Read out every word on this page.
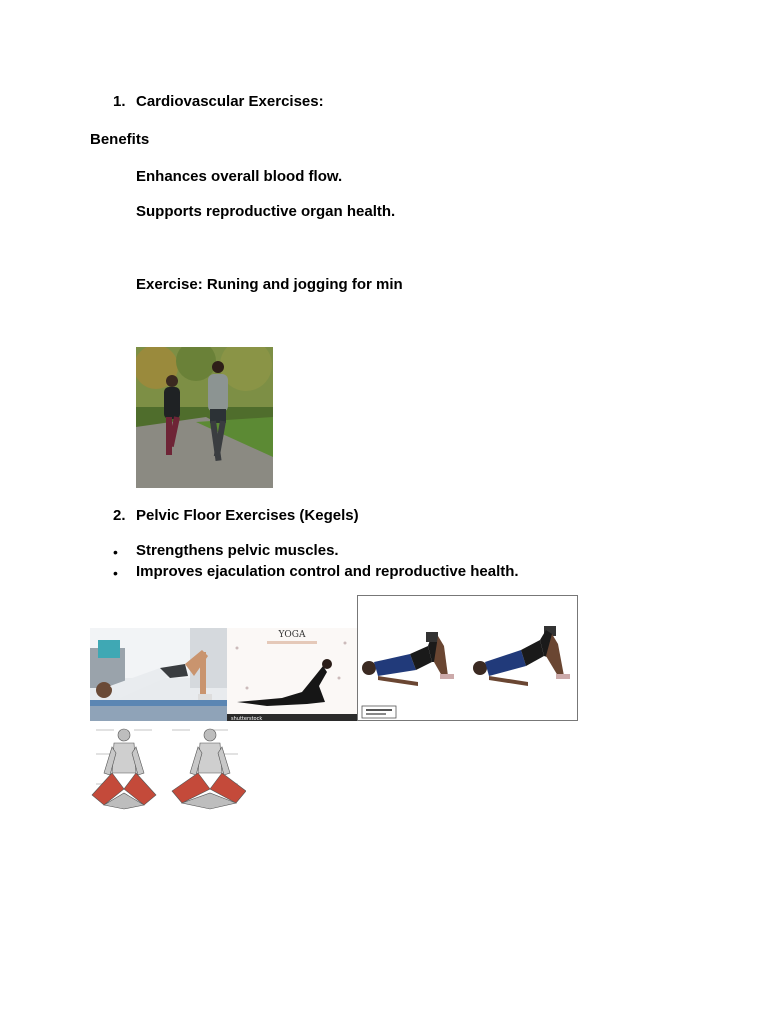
1. Cardiovascular Exercises:
Benefits
Enhances overall blood flow.
Supports reproductive organ health.
Exercise: Runing and jogging for min
2. Pelvic Floor Exercises (Kegels)
• Strengthens pelvic muscles.
• Improves ejaculation control and reproductive health.
YOGA
shutterstock
